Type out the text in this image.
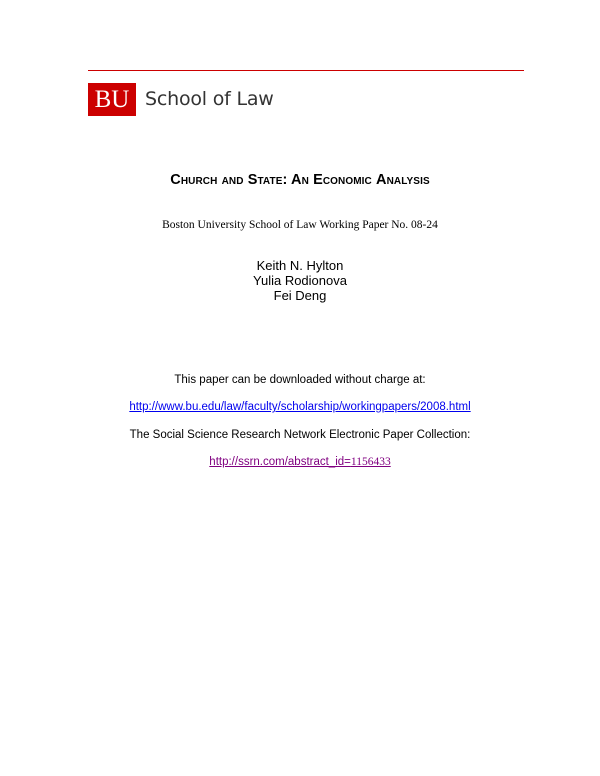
BU School of Law
Church and State: An Economic Analysis
Boston University School of Law Working Paper No. 08-24
Keith N. Hylton
Yulia Rodionova
Fei Deng
This paper can be downloaded without charge at:
http://www.bu.edu/law/faculty/scholarship/workingpapers/2008.html
The Social Science Research Network Electronic Paper Collection:
http://ssrn.com/abstract_id=1156433
